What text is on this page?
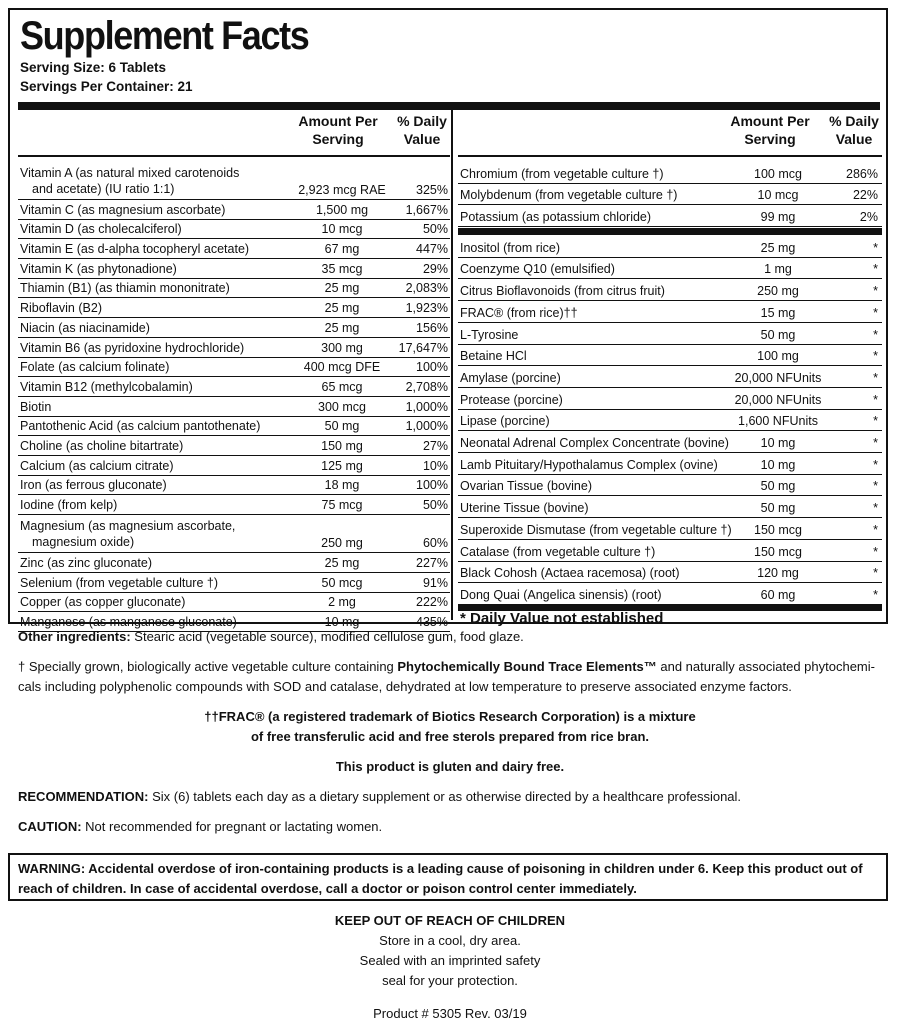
Supplement Facts
Serving Size: 6 Tablets
Servings Per Container: 21
Amount Per
Serving
% Daily
Value
Vitamin A (as natural mixed carotenoids
and acetate) (IU ratio 1:1)	2,923 mcg RAE	325%
Vitamin C (as magnesium ascorbate)	1,500 mg	1,667%
Vitamin D (as cholecalciferol)	10 mcg	50%
Vitamin E (as d-alpha tocopheryl acetate)	67 mg	447%
Vitamin K (as phytonadione)	35 mcg	29%
Thiamin (B1) (as thiamin mononitrate)	25 mg	2,083%
Riboflavin (B2)	25 mg	1,923%
Niacin (as niacinamide)	25 mg	156%
Vitamin B6 (as pyridoxine hydrochloride)	300 mg	17,647%
Folate (as calcium folinate)	400 mcg DFE	100%
Vitamin B12 (methylcobalamin)	65 mcg	2,708%
Biotin	300 mcg	1,000%
Pantothenic Acid (as calcium pantothenate)	50 mg	1,000%
Choline (as choline bitartrate)	150 mg	27%
Calcium (as calcium citrate)	125 mg	10%
Iron (as ferrous gluconate)	18 mg	100%
Iodine (from kelp)	75 mcg	50%
Magnesium (as magnesium ascorbate,
magnesium oxide)	250 mg	60%
Zinc (as zinc gluconate)	25 mg	227%
Selenium (from vegetable culture †)	50 mcg	91%
Copper (as copper gluconate)	2 mg	222%
Manganese (as manganese gluconate)	10 mg	435%
Amount Per
Serving
% Daily
Value
Chromium (from vegetable culture †)	100 mcg	286%
Molybdenum (from vegetable culture †)	10 mcg	22%
Potassium (as potassium chloride)	99 mg	2%
Inositol (from rice)	25 mg	*
Coenzyme Q10 (emulsified)	1 mg	*
Citrus Bioflavonoids (from citrus fruit)	250 mg	*
FRAC® (from rice)††	15 mg	*
L-Tyrosine	50 mg	*
Betaine HCl	100 mg	*
Amylase (porcine)	20,000 NFUnits	*
Protease (porcine)	20,000 NFUnits	*
Lipase (porcine)	1,600 NFUnits	*
Neonatal Adrenal Complex Concentrate (bovine)	10 mg	*
Lamb Pituitary/Hypothalamus Complex (ovine)	10 mg	*
Ovarian Tissue (bovine)	50 mg	*
Uterine Tissue (bovine)	50 mg	*
Superoxide Dismutase (from vegetable culture †)	150 mcg	*
Catalase (from vegetable culture †)	150 mcg	*
Black Cohosh (Actaea racemosa) (root)	120 mg	*
Dong Quai (Angelica sinensis) (root)	60 mg	*
* Daily Value not established
Other ingredients: Stearic acid (vegetable source), modified cellulose gum, food glaze.
† Specially grown, biologically active vegetable culture containing Phytochemically Bound Trace Elements™ and naturally associated phytochemi-
cals including polyphenolic compounds with SOD and catalase, dehydrated at low temperature to preserve associated enzyme factors.
††FRAC® (a registered trademark of Biotics Research Corporation) is a mixture
of free transferulic acid and free sterols prepared from rice bran.
This product is gluten and dairy free.
RECOMMENDATION: Six (6) tablets each day as a dietary supplement or as otherwise directed by a healthcare professional.
CAUTION: Not recommended for pregnant or lactating women.
WARNING: Accidental overdose of iron-containing products is a leading cause of poisoning in children under 6. Keep this product out of
reach of children. In case of accidental overdose, call a doctor or poison control center immediately.
KEEP OUT OF REACH OF CHILDREN
Store in a cool, dry area.
Sealed with an imprinted safety
seal for your protection.
Product # 5305 Rev. 03/19
